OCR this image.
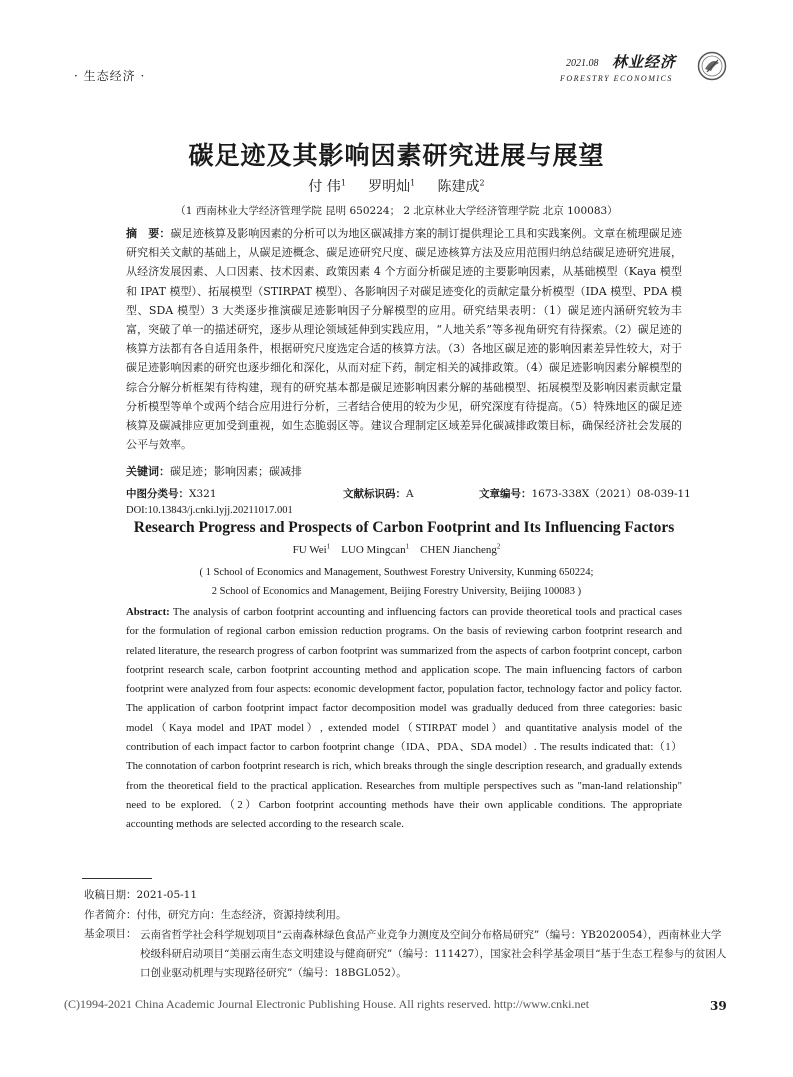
· 生态经济 ·
2021.08 林业经济
FORESTRY ECONOMICS
碳足迹及其影响因素研究进展与展望
付 伟$^1$ 罗明灿$^1$ 陈建成$^2$
（1 西南林业大学经济管理学院 昆明 650224； 2 北京林业大学经济管理学院 北京 100083）
摘　要：碳足迹核算及影响因素的分析可以为地区碳减排方案的制订提供理论工具和实践案例。文章在梳理碳足迹研究相关文献的基础上，从碳足迹概念、碳足迹研究尺度、碳足迹核算方法及应用范围归纳总结碳足迹研究进展，从经济发展因素、人口因素、技术因素、政策因素 4 个方面分析碳足迹的主要影响因素，从基础模型（Kaya 模型和 IPAT 模型）、拓展模型（STIRPAT 模型）、各影响因子对碳足迹变化的贡献定量分析模型（IDA 模型、PDA 模型、SDA 模型）3 大类逐步推演碳足迹影响因子分解模型的应用。研究结果表明：（1）碳足迹内涵研究较为丰富，突破了单一的描述研究，逐步从理论领域延伸到实践应用，“人地关系”等多视角研究有待探索。（2）碳足迹的核算方法都有各自适用条件，根据研究尺度选定合适的核算方法。（3）各地区碳足迹的影响因素差异性较大，对于碳足迹影响因素的研究也逐步细化和深化，从而对症下药，制定相关的减排政策。（4）碳足迹影响因素分解模型的综合分解分析框架有待构建，现有的研究基本都是碳足迹影响因素分解的基础模型、拓展模型及影响因素贡献定量分析模型等单个或两个结合应用进行分析，三者结合使用的较为少见，研究深度有待提高。（5）特殊地区的碳足迹核算及碳减排应更加受到重视，如生态脆弱区等。建议合理制定区域差异化碳减排政策目标，确保经济社会发展的公平与效率。
关键词：碳足迹；影响因素；碳减排
中图分类号：X321	文献标识码：A	文章编号：1673-338X（2021）08-039-11
DOI:10.13843/j.cnki.lyjj.20211017.001
Research Progress and Prospects of Carbon Footprint and Its Influencing Factors
FU Wei$^1$ LUO Mingcan$^1$ CHEN Jiancheng$^2$
( 1 School of Economics and Management, Southwest Forestry University, Kunming 650224;
2 School of Economics and Management, Beijing Forestry University, Beijing 100083 )
Abstract: The analysis of carbon footprint accounting and influencing factors can provide theoretical tools and practical cases for the formulation of regional carbon emission reduction programs. On the basis of reviewing carbon footprint research and related literature, the research progress of carbon footprint was summarized from the aspects of carbon footprint concept, carbon footprint research scale, carbon footprint accounting method and application scope. The main influencing factors of carbon footprint were analyzed from four aspects: economic development factor, population factor, technology factor and policy factor. The application of carbon footprint impact factor decomposition model was gradually deduced from three categories: basic model（Kaya model and IPAT model）, extended model（STIRPAT model）and quantitative analysis model of the contribution of each impact factor to carbon footprint change（IDA、PDA、SDA model）. The results indicated that:（1）The connotation of carbon footprint research is rich, which breaks through the single description research, and gradually extends from the theoretical field to the practical application. Researches from multiple perspectives such as "man-land relationship" need to be explored.（2）Carbon footprint accounting methods have their own applicable conditions. The appropriate accounting methods are selected according to the research scale.
收稿日期：2021-05-11
作者简介：付伟，研究方向：生态经济，资源持续利用。
基金项目： 云南省哲学社会科学规划项目“云南森林绿色食品产业竞争力测度及空间分布格局研究”（编号：YB2020054），西南林业大学校级科研启动项目“美丽云南生态文明建设与健商研究”（编号：111427），国家社会科学基金项目“基于生态工程参与的贫困人口创业驱动机理与实现路径研究”（编号：18BGL052）。
(C)1994-2021 China Academic Journal Electronic Publishing House. All rights reserved. http://www.cnki.net	39
